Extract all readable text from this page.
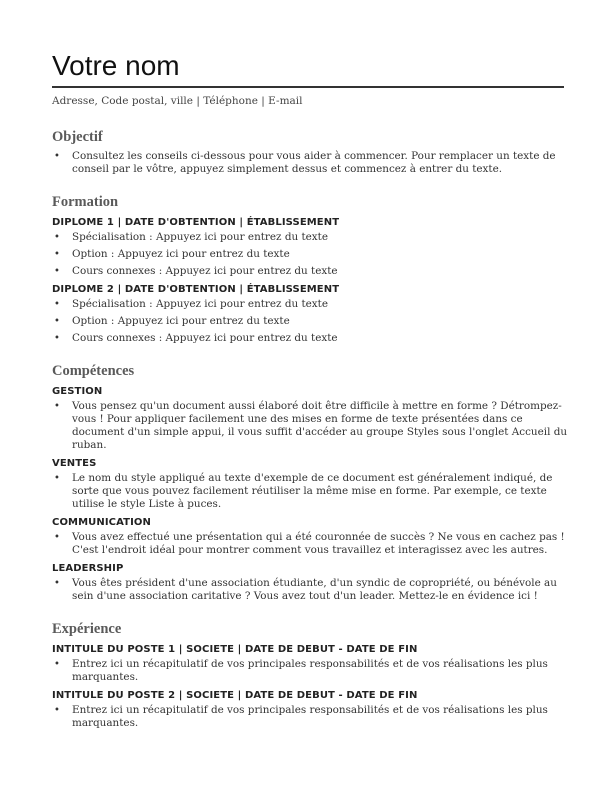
Votre nom
Adresse, Code postal, ville | Téléphone | E-mail
Objectif
• Consultez les conseils ci-dessous pour vous aider à commencer. Pour remplacer un texte de conseil par le vôtre, appuyez simplement dessus et commencez à entrer du texte.
Formation
DIPLOME 1 | DATE D'OBTENTION | ÉTABLISSEMENT
• Spécialisation : Appuyez ici pour entrez du texte
• Option : Appuyez ici pour entrez du texte
• Cours connexes : Appuyez ici pour entrez du texte
DIPLOME 2 | DATE D'OBTENTION | ÉTABLISSEMENT
• Spécialisation : Appuyez ici pour entrez du texte
• Option : Appuyez ici pour entrez du texte
• Cours connexes : Appuyez ici pour entrez du texte
Compétences
GESTION
• Vous pensez qu'un document aussi élaboré doit être difficile à mettre en forme ? Détrompez-vous ! Pour appliquer facilement une des mises en forme de texte présentées dans ce document d'un simple appui, il vous suffit d'accéder au groupe Styles sous l'onglet Accueil du ruban.
VENTES
• Le nom du style appliqué au texte d'exemple de ce document est généralement indiqué, de sorte que vous pouvez facilement réutiliser la même mise en forme. Par exemple, ce texte utilise le style Liste à puces.
COMMUNICATION
• Vous avez effectué une présentation qui a été couronnée de succès ? Ne vous en cachez pas ! C'est l'endroit idéal pour montrer comment vous travaillez et interagissez avec les autres.
LEADERSHIP
• Vous êtes président d'une association étudiante, d'un syndic de copropriété, ou bénévole au sein d'une association caritative ? Vous avez tout d'un leader. Mettez-le en évidence ici !
Expérience
INTITULE DU POSTE 1 | SOCIETE | DATE DE DEBUT - DATE DE FIN
• Entrez ici un récapitulatif de vos principales responsabilités et de vos réalisations les plus marquantes.
INTITULE DU POSTE 2 | SOCIETE | DATE DE DEBUT - DATE DE FIN
• Entrez ici un récapitulatif de vos principales responsabilités et de vos réalisations les plus marquantes.
